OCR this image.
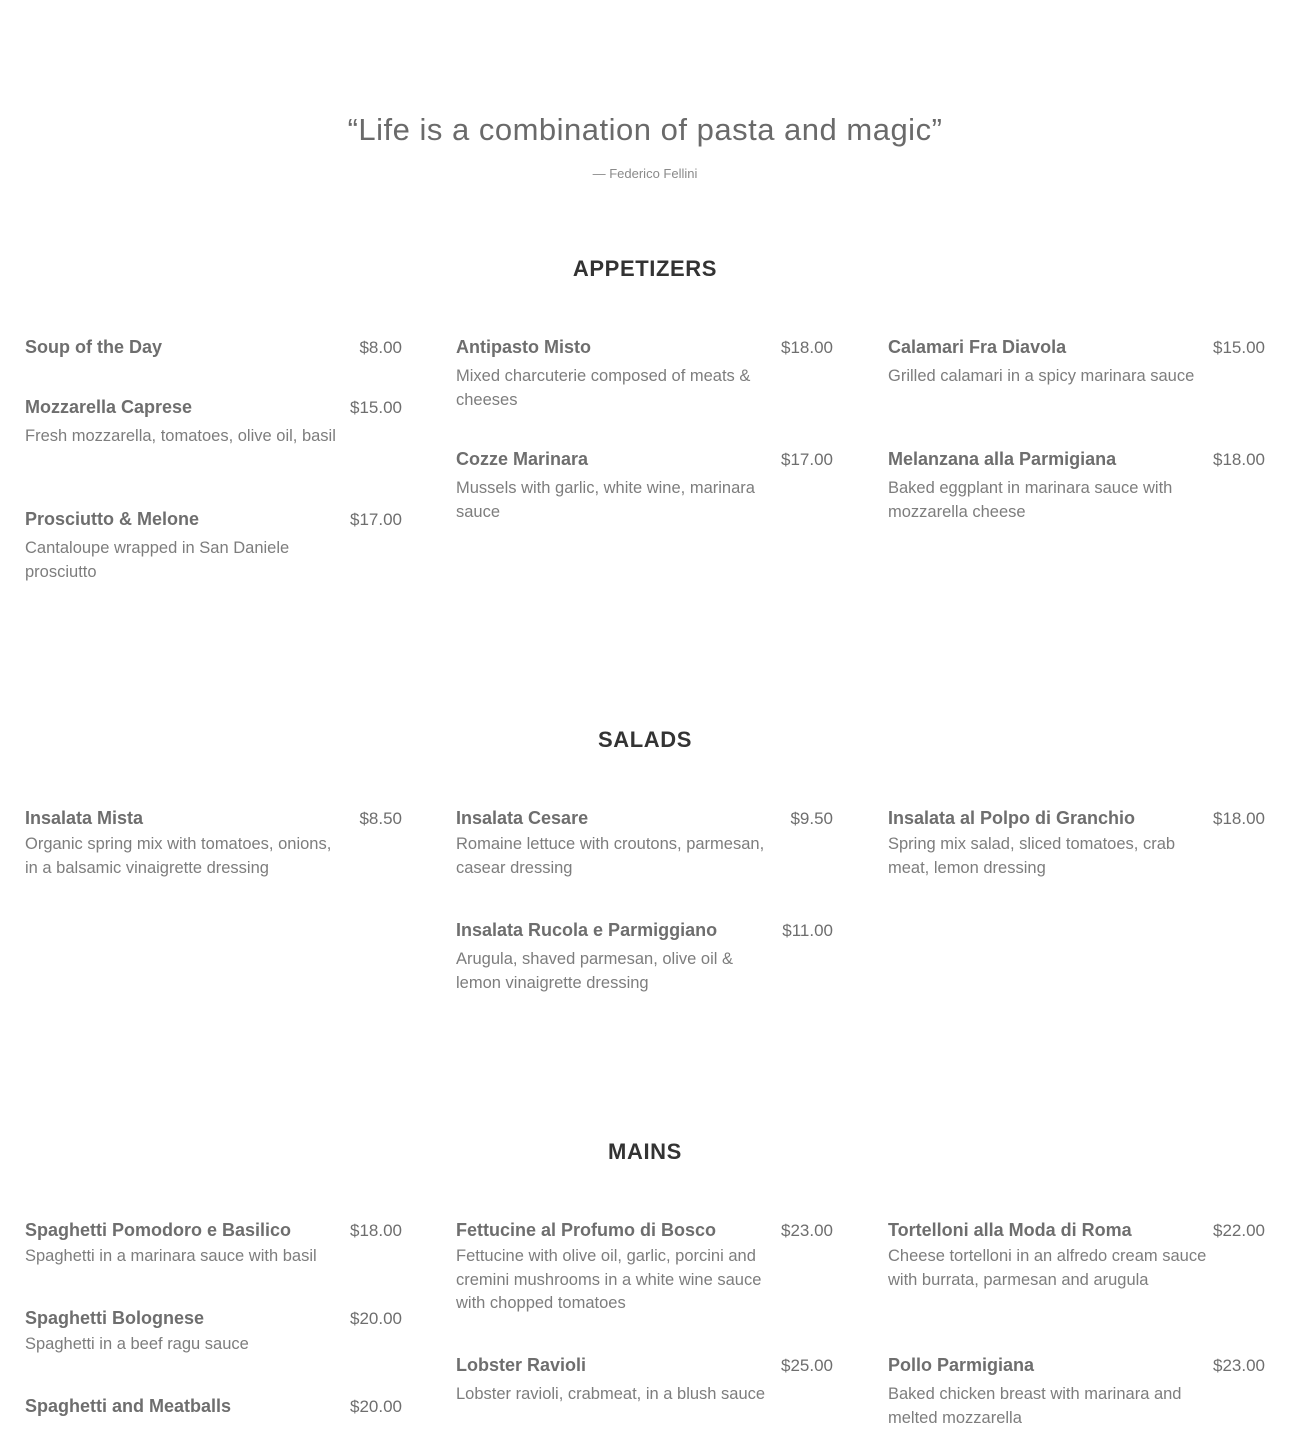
“Life is a combination of pasta and magic”
— Federico Fellini
APPETIZERS
Soup of the Day	$8.00
Mozzarella Caprese	$15.00
Fresh mozzarella, tomatoes, olive oil, basil
Prosciutto & Melone	$17.00
Cantaloupe wrapped in San Daniele prosciutto
Antipasto Misto	$18.00
Mixed charcuterie composed of meats & cheeses
Cozze Marinara	$17.00
Mussels with garlic, white wine, marinara sauce
Calamari Fra Diavola	$15.00
Grilled calamari in a spicy marinara sauce
Melanzana alla Parmigiana	$18.00
Baked eggplant in marinara sauce with mozzarella cheese
SALADS
Insalata Mista	$8.50
Organic spring mix with tomatoes, onions, in a balsamic vinaigrette dressing
Insalata Cesare	$9.50
Romaine lettuce with croutons, parmesan, casear dressing
Insalata Rucola e Parmiggiano	$11.00
Arugula, shaved parmesan, olive oil & lemon vinaigrette dressing
Insalata al Polpo di Granchio	$18.00
Spring mix salad, sliced tomatoes, crab meat, lemon dressing
MAINS
Spaghetti Pomodoro e Basilico	$18.00
Spaghetti in a marinara sauce with basil
Spaghetti Bolognese	$20.00
Spaghetti in a beef ragu sauce
Spaghetti and Meatballs	$20.00
Fettucine al Profumo di Bosco	$23.00
Fettucine with olive oil, garlic, porcini and cremini mushrooms in a white wine sauce with chopped tomatoes
Lobster Ravioli	$25.00
Lobster ravioli, crabmeat, in a blush sauce
Tortelloni alla Moda di Roma	$22.00
Cheese tortelloni in an alfredo cream sauce with burrata, parmesan and arugula
Pollo Parmigiana	$23.00
Baked chicken breast with marinara and melted mozzarella
